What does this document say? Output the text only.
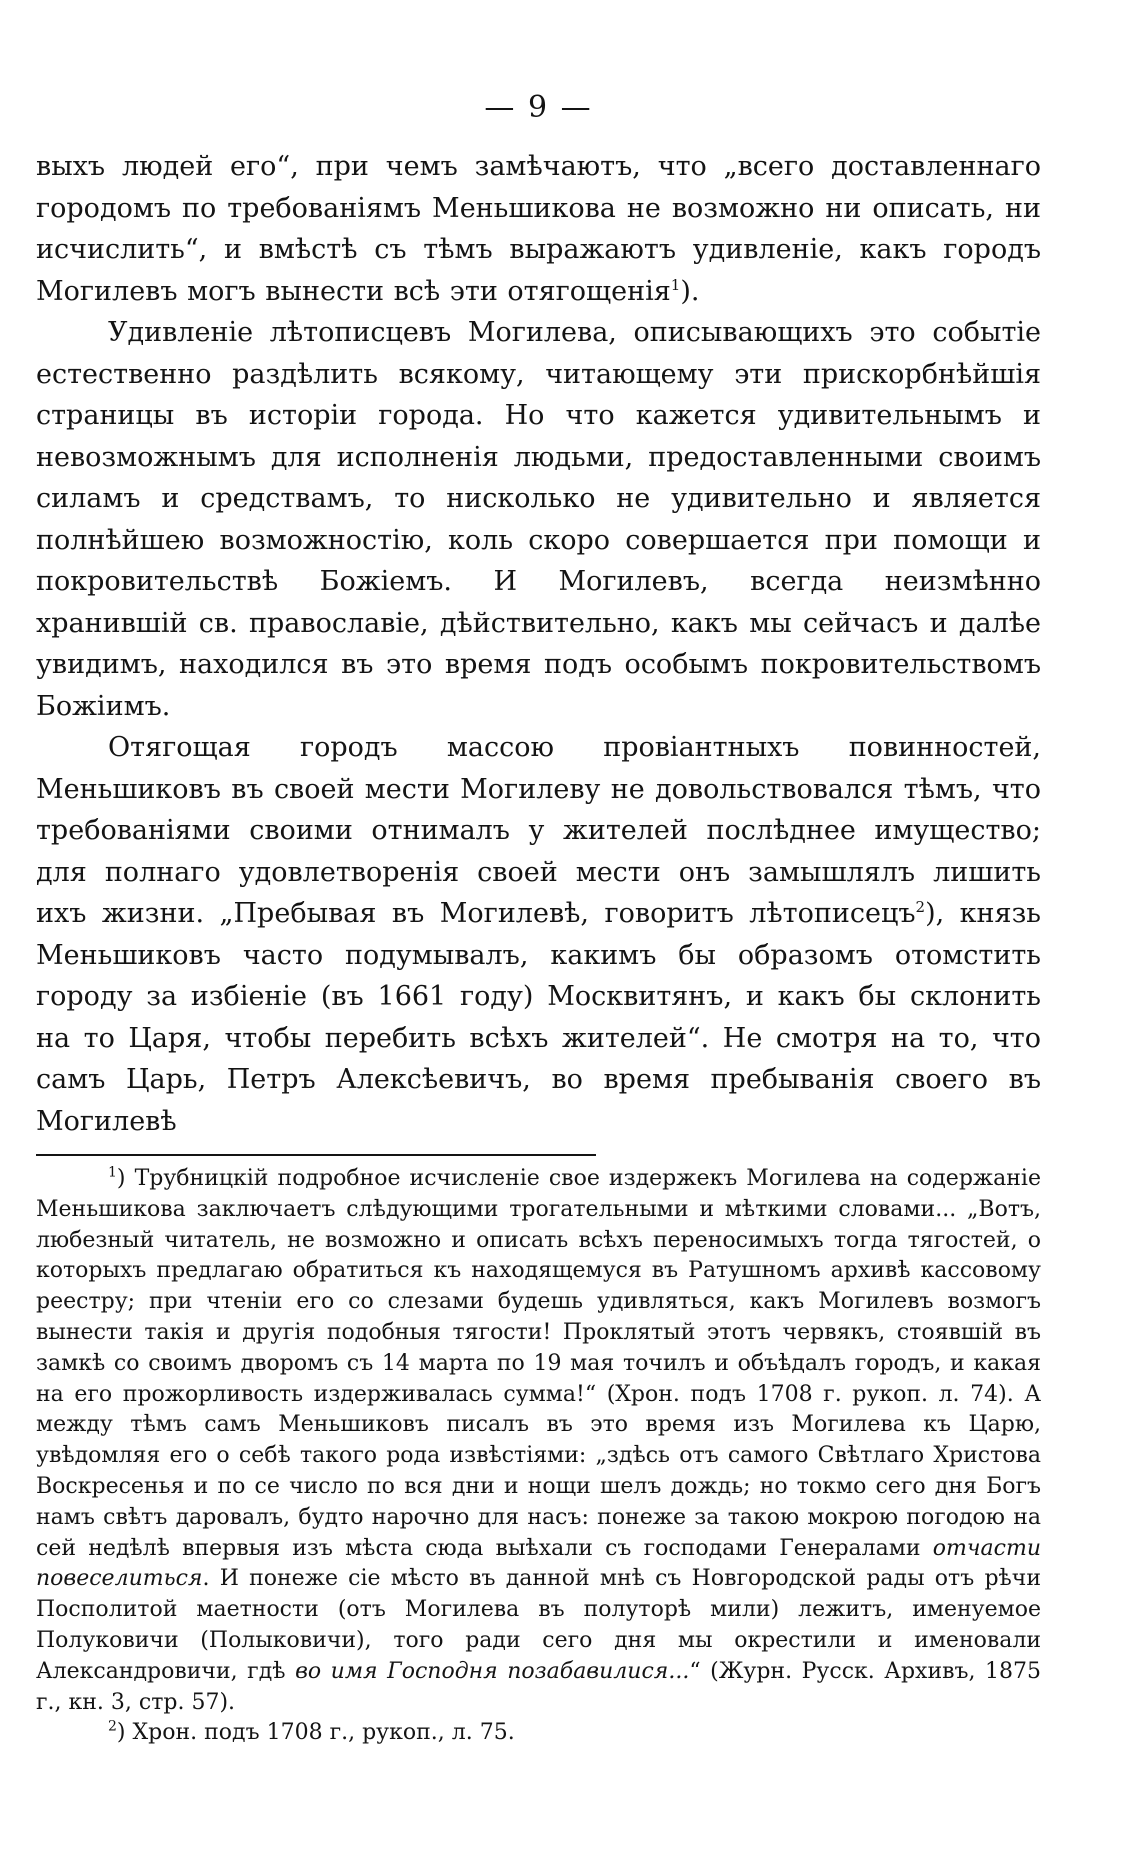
— 9 —

выхъ людей его“, при чемъ замѣчаютъ, что „всего доставленнаго городомъ по требованіямъ Меньшикова не возможно ни описать, ни исчислить“, и вмѣстѣ съ тѣмъ выражаютъ удивленіе, какъ городъ Могилевъ могъ вынести всѣ эти отягощенія$^1$).

Удивленіе лѣтописцевъ Могилева, описывающихъ это событіе естественно раздѣлить всякому, читающему эти прискорбнѣйшія страницы въ исторіи города. Но что кажется удивительнымъ и невозможнымъ для исполненія людьми, предоставленными своимъ силамъ и средствамъ, то нисколько не удивительно и является полнѣйшею возможностію, коль скоро совершается при помощи и покровительствѣ Божіемъ. И Могилевъ, всегда неизмѣнно хранившій св. православіе, дѣйствительно, какъ мы сейчасъ и далѣе увидимъ, находился въ это время подъ особымъ покровительствомъ Божіимъ.

Отягощая городъ массою провіантныхъ повинностей, Меньшиковъ въ своей мести Могилеву не довольствовался тѣмъ, что требованіями своими отнималъ у жителей послѣднее имущество; для полнаго удовлетворенія своей мести онъ замышлялъ лишить ихъ жизни. „Пребывая въ Могилевѣ, говоритъ лѣтописецъ$^2$), князь Меньшиковъ часто подумывалъ, какимъ бы образомъ отомстить городу за избіеніе (въ 1661 году) Москвитянъ, и какъ бы склонить на то Царя, чтобы перебить всѣхъ жителей“. Не смотря на то, что самъ Царь, Петръ Алексѣевичъ, во время пребыванія своего въ Могилевѣ

$^1$) Трубницкій подробное исчисленіе своe издержекъ Могилева на содержаніе Меньшикова заключаетъ слѣдующими трогательными и мѣткими словами... „Вотъ, любезный читатель, не возможно и описать всѣхъ переносимыхъ тогда тягостей, о которыхъ предлагаю обратиться къ находящемуся въ Ратушномъ архивѣ кассовому реестру; при чтеніи его со слезами будешь удивляться, какъ Могилевъ возмогъ вынести такія и другія подобныя тягости! Проклятый этотъ червякъ, стоявшій въ замкѣ со своимъ дворомъ съ 14 марта по 19 мая точилъ и объѣдалъ городъ, и какая на его прожорливость издерживалась сумма!“ (Хрон. подъ 1708 г. рукоп. л. 74). А между тѣмъ самъ Меньшиковъ писалъ въ это время изъ Могилева къ Царю, увѣдомляя его о себѣ такого рода извѣстіями: „здѣсь отъ самого Свѣтлаго Христова Воскресенья и по се число по вся дни и нощи шелъ дождь; но токмо сего дня Богъ намъ свѣтъ даровалъ, будто нарочно для насъ: понеже за такою мокрою погодою на сей недѣлѣ впервыя изъ мѣста сюда выѣхали съ господами Генералами отчасти повеселиться. И понеже сіе мѣсто въ данной мнѣ съ Новгородской рады отъ рѣчи Посполитой маетности (отъ Могилева въ полуторѣ мили) лежитъ, именуемое Полуковичи (Полыковичи), того ради сего дня мы окрестили и именовали Александровичи, гдѣ во имя Господня позабавилися...“ (Журн. Русск. Архивъ, 1875 г., кн. 3, стр. 57).

$^2$) Хрон. подъ 1708 г., рукоп., л. 75.
